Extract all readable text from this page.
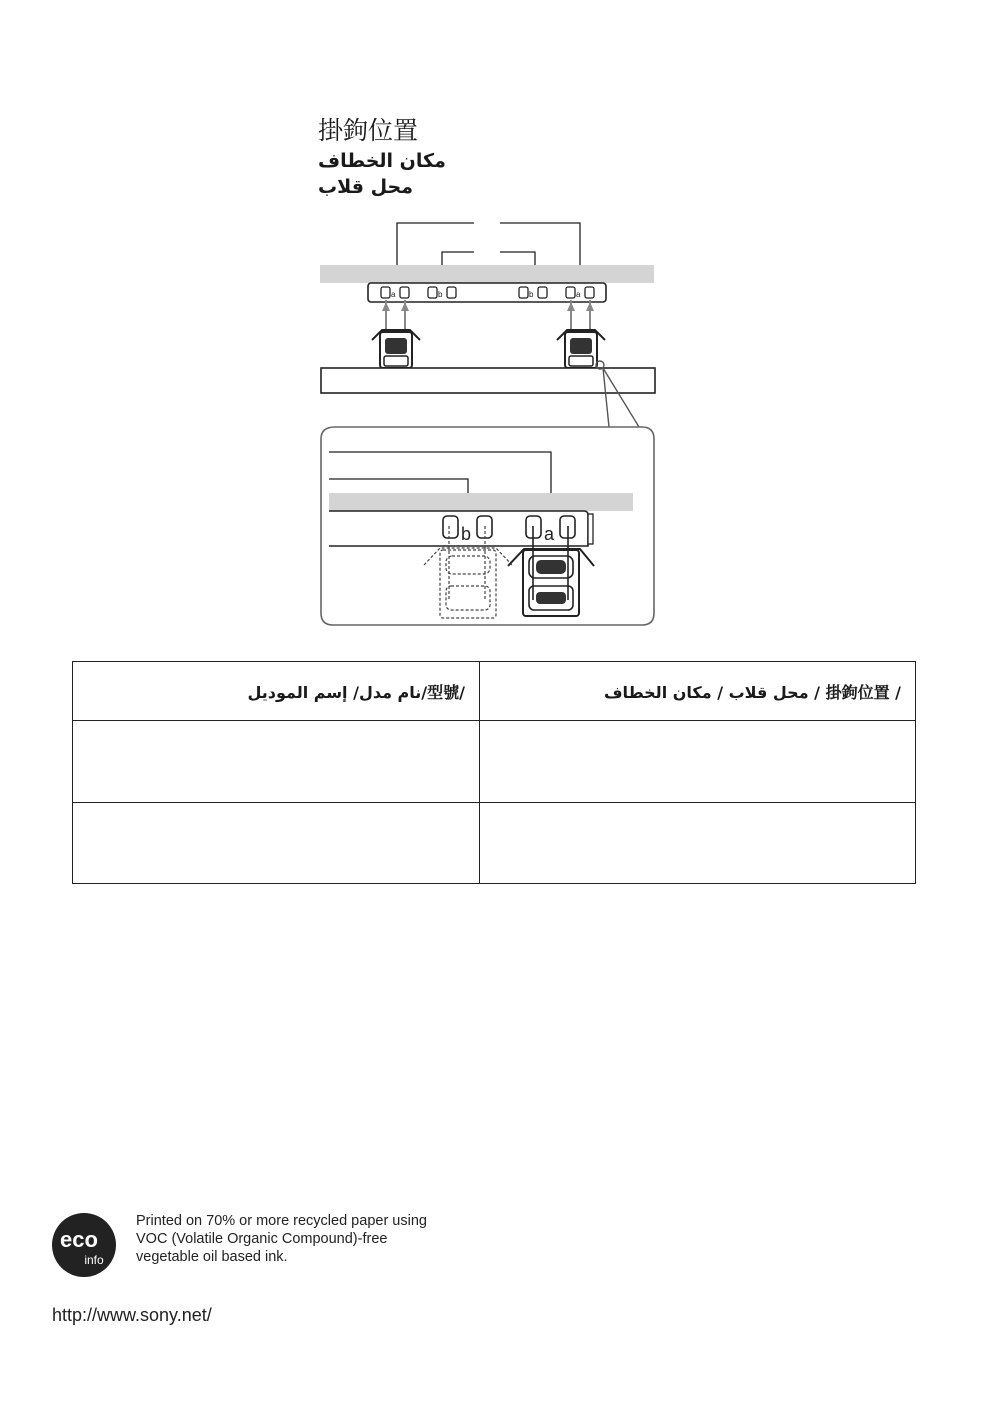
掛鉤位置
مكان الخطاف
محل قلاب
a	b	b	a
b	a
نام مدل/ إسم الموديل/型號/	محل قلاب / مكان الخطاف / 掛鉤位置 /

eco
info
Printed on 70% or more recycled paper using
VOC (Volatile Organic Compound)-free
vegetable oil based ink.
http://www.sony.net/
